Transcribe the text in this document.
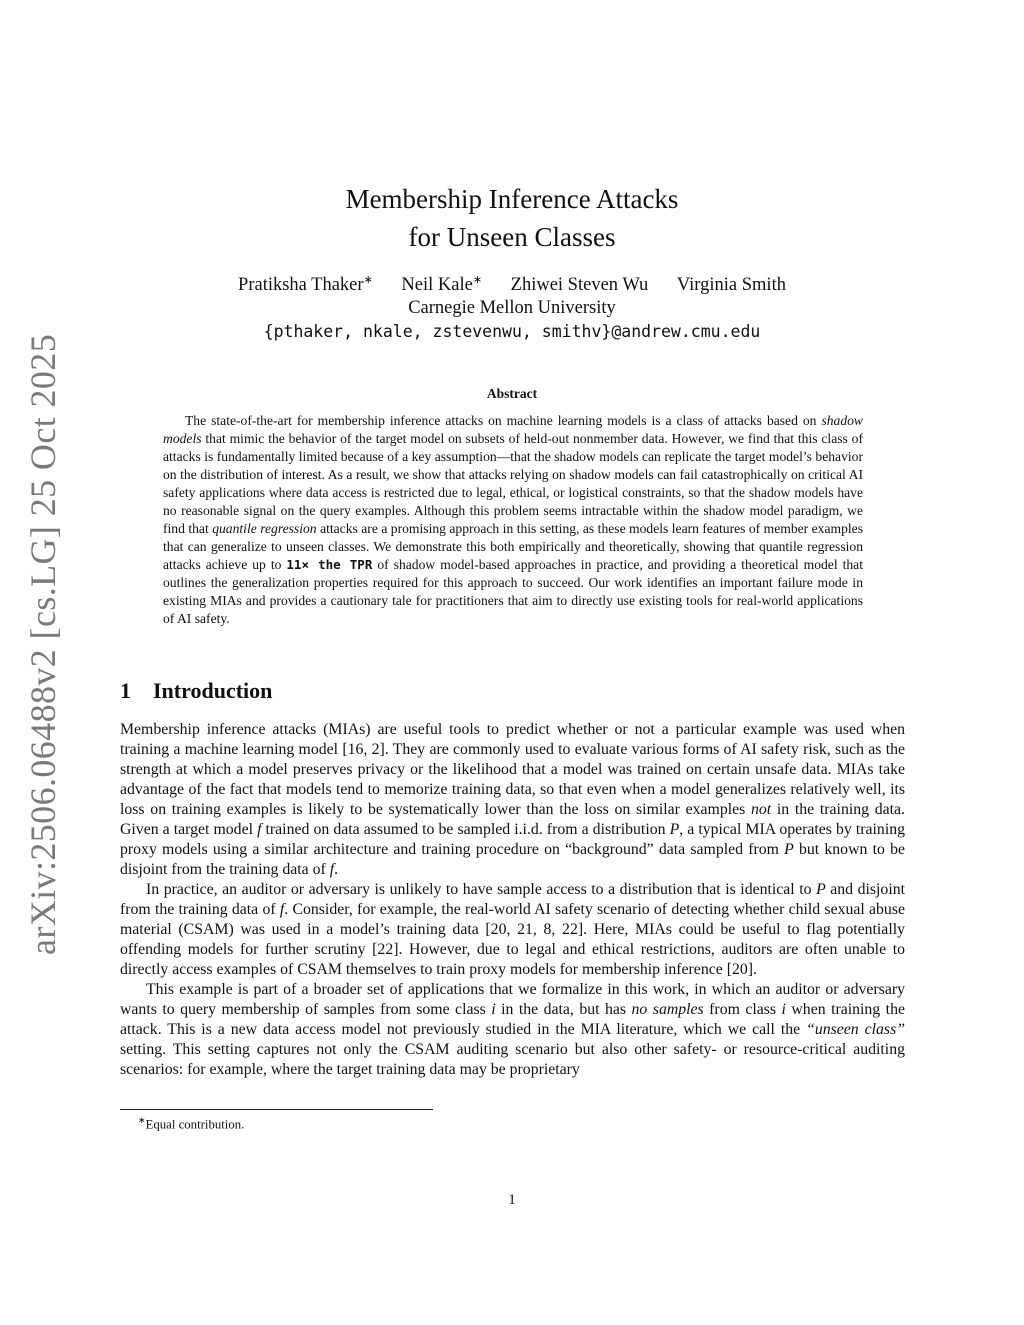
arXiv:2506.06488v2 [cs.LG] 25 Oct 2025
Membership Inference Attacks
for Unseen Classes
Pratiksha Thaker∗ Neil Kale∗ Zhiwei Steven Wu Virginia Smith
Carnegie Mellon University
{pthaker, nkale, zstevenwu, smithv}@andrew.cmu.edu
Abstract

The state-of-the-art for membership inference attacks on machine learning models is a class of attacks based on shadow models that mimic the behavior of the target model on subsets of held-out nonmember data. However, we find that this class of attacks is fundamentally limited because of a key assumption—that the shadow models can replicate the target model’s behavior on the distribution of interest. As a result, we show that attacks relying on shadow models can fail catastrophically on critical AI safety applications where data access is restricted due to legal, ethical, or logistical constraints, so that the shadow models have no reasonable signal on the query examples. Although this problem seems intractable within the shadow model paradigm, we find that quantile regression attacks are a promising approach in this setting, as these models learn features of member examples that can generalize to unseen classes. We demonstrate this both empirically and theoretically, showing that quantile regression attacks achieve up to 11× the TPR of shadow model-based approaches in practice, and providing a theoretical model that outlines the generalization properties required for this approach to succeed. Our work identifies an important failure mode in existing MIAs and provides a cautionary tale for practitioners that aim to directly use existing tools for real-world applications of AI safety.

1 Introduction

Membership inference attacks (MIAs) are useful tools to predict whether or not a particular example was used when training a machine learning model [16, 2]. They are commonly used to evaluate various forms of AI safety risk, such as the strength at which a model preserves privacy or the likelihood that a model was trained on certain unsafe data. MIAs take advantage of the fact that models tend to memorize training data, so that even when a model generalizes relatively well, its loss on training examples is likely to be systematically lower than the loss on similar examples not in the training data. Given a target model f trained on data assumed to be sampled i.i.d. from a distribution P, a typical MIA operates by training proxy models using a similar architecture and training procedure on “background” data sampled from P but known to be disjoint from the training data of f.

In practice, an auditor or adversary is unlikely to have sample access to a distribution that is identical to P and disjoint from the training data of f. Consider, for example, the real-world AI safety scenario of detecting whether child sexual abuse material (CSAM) was used in a model’s training data [20, 21, 8, 22]. Here, MIAs could be useful to flag potentially offending models for further scrutiny [22]. However, due to legal and ethical restrictions, auditors are often unable to directly access examples of CSAM themselves to train proxy models for membership inference [20].

This example is part of a broader set of applications that we formalize in this work, in which an auditor or adversary wants to query membership of samples from some class i in the data, but has no samples from class i when training the attack. This is a new data access model not previously studied in the MIA literature, which we call the “unseen class” setting. This setting captures not only the CSAM auditing scenario but also other safety- or resource-critical auditing scenarios: for example, where the target training data may be proprietary

∗Equal contribution.
1
